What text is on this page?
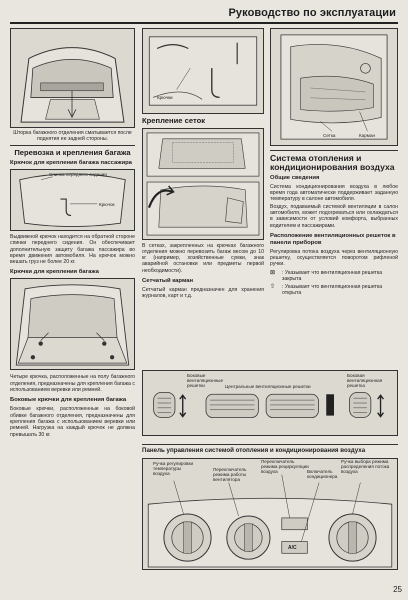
Руководство по эксплуатации
Шторка багажного отделения сматывается после поднятия ее задней стороны.
Перевозка и крепления багажа
Крючок для крепления багажа пассажира
Спинка переднего сидения
Крючок
Выдвижной крючок находится на обратной стороне спинки переднего сидения. Он обеспечивает дополнительную защиту багажа пассажира во время движения автомобиля. На крючок можно вешать груз не более 20 кг.
Крючки для крепления багажа
Четыре крючка, расположенные на полу багажного отделения, предназначены для крепления багажа с использованием веревки или ремней.
Боковые крючки для крепления багажа
Боковые крючки, расположенные на боковой обивке багажного отделения, предназначены для крепления багажа с использованием веревки или ремней. Нагрузка на каждый крючок не должна превышать 30 кг.
Крючки
Крепление сеток
В сетках, закрепленных на крючках багажного отделения можно перевозить багаж весом до 10 кг (например, хозяйственные сумки, знак аварийной остановки или предметы первой необходимости).
Сетчатый карман
Сетчатый карман предназначен для хранения журналов, карт и т.д.
Сетка	Карман
Система отопления и кондиционирования воздуха
Общие сведения
Система кондиционирования воздуха в любое время года автоматически поддерживает заданную температуру в салоне автомобиля.
Воздух, подаваемый системой вентиляции в салон автомобиля, может подогреваться или охлаждаться в зависимости от условий комфорта, выбранных водителем и пассажирами.
Расположение вентиляционных решеток в панели приборов
Регулировка потока воздуха через вентиляционную решетку, осуществляется поворотом рифленой ручки.
⊠	: Указывает что вентиляционная решетка закрыта
⇧	: Указывает что вентиляционная решетка открыта
Боковые вентиляционные решетки	Центральные вентиляционные решетки
Боковая вентиляционная решетка
Панель управления системой отопления и кондиционирования воздуха
Ручка регулировки температуры воздуха
Переключатель режима работы вентилятора
Переключатель режима рециркуляции воздуха	Включатель кондиционера
Ручка выбора режима распределения потока воздуха
A/C
25
